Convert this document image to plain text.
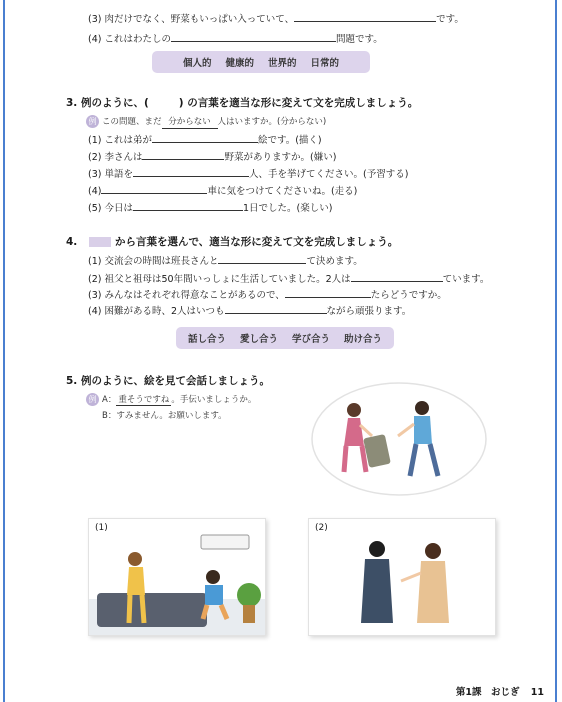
(3) 肉だけでなく、野菜もいっぱい入っていて、	です。
(4) これはわたしの	問題です。
個人的 健康的 世界的 日常的
3. 例のように、(	) の言葉を適当な形に変えて文を完成しましょう。
例 この問題、まだ 分からない 人はいますか。(分からない)
(1) これは弟が	絵です。(描く)
(2) 李さんは	野菜がありますか。(嫌い)
(3) 単語を	人、手を挙げてください。(予習する)
(4)	車に気をつけてくださいね。(走る)
(5) 今日は	1日でした。(楽しい)
4.	から言葉を選んで、適当な形に変えて文を完成しましょう。
(1) 交流会の時間は班長さんと	て決めます。
(2) 祖父と祖母は50年間いっしょに生活していました。2人は	ています。
(3) みんなはそれぞれ得意なことがあるので、	たらどうですか。
(4) 困難がある時、2人はいつも	ながら頑張ります。
話し合う 愛し合う 学び合う 助け合う
5. 例のように、絵を見て会話しましょう。
例 A： 重そうですね 。手伝いましょうか。
B：すみません。お願いします。
(1)	(2)
第1課　おじぎ 11
